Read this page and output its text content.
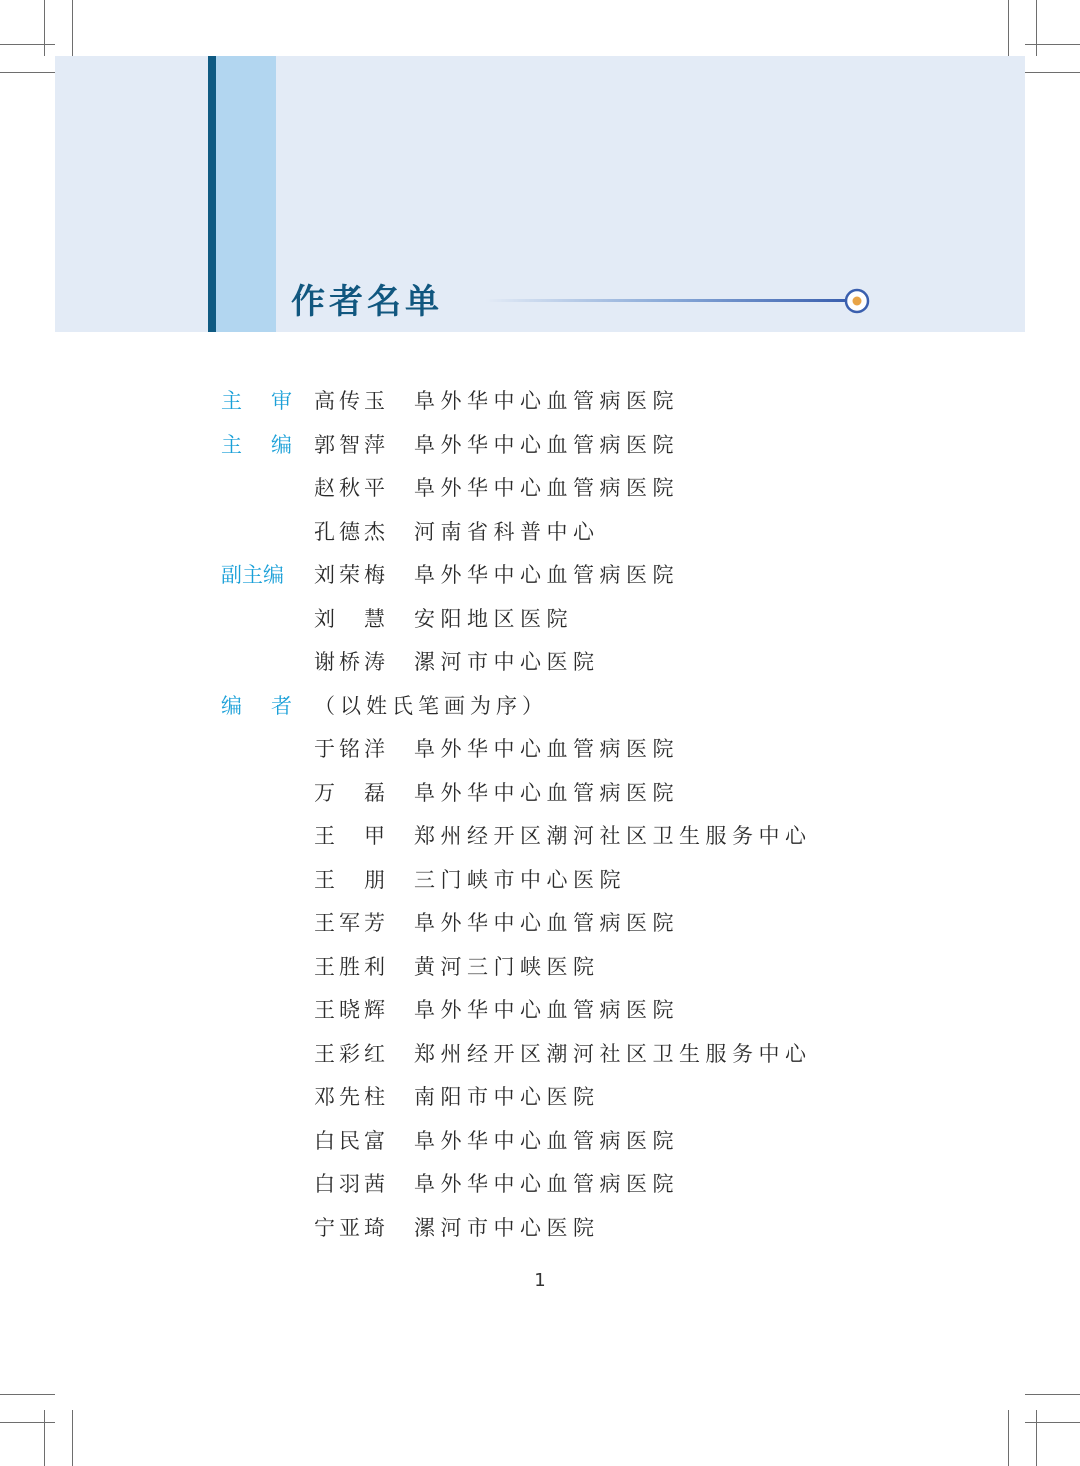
作者名单
主　审 高传玉 阜外华中心血管病医院
主　编 郭智萍 阜外华中心血管病医院
赵秋平 阜外华中心血管病医院
孔德杰 河南省科普中心
副主编	刘荣梅 阜外华中心血管病医院
刘　慧 安阳地区医院
谢桥涛 漯河市中心医院
编　者 （以姓氏笔画为序）
于铭洋 阜外华中心血管病医院
万　磊 阜外华中心血管病医院
王　甲 郑州经开区潮河社区卫生服务中心
王　朋 三门峡市中心医院
王军芳 阜外华中心血管病医院
王胜利 黄河三门峡医院
王晓辉 阜外华中心血管病医院
王彩红 郑州经开区潮河社区卫生服务中心
邓先柱 南阳市中心医院
白民富 阜外华中心血管病医院
白羽茜 阜外华中心血管病医院
宁亚琦 漯河市中心医院
1
